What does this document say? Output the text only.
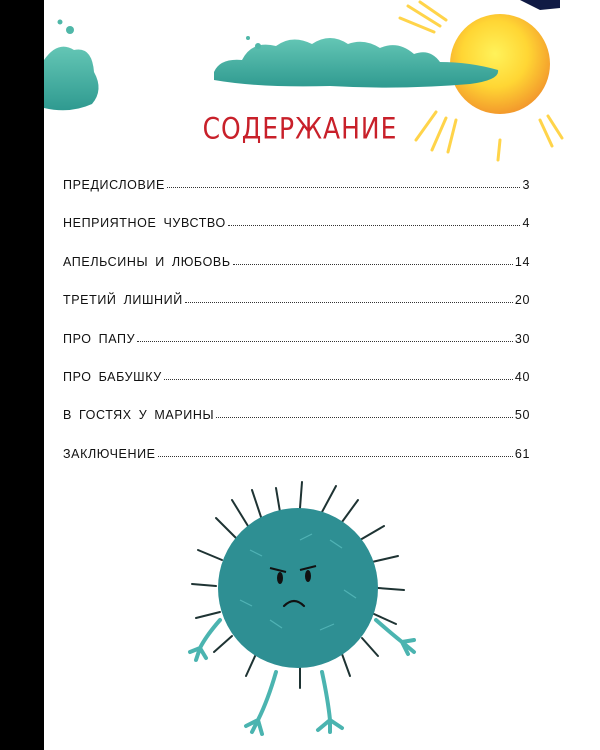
СОДЕРЖАНИЕ
ПРЕДИСЛОВИЕ	3
НЕПРИЯТНОЕ ЧУВСТВО	4
АПЕЛЬСИНЫ И ЛЮБОВЬ	14
ТРЕТИЙ ЛИШНИЙ	20
ПРО ПАПУ	30
ПРО БАБУШКУ	40
В ГОСТЯХ У МАРИНЫ	50
ЗАКЛЮЧЕНИЕ	61
